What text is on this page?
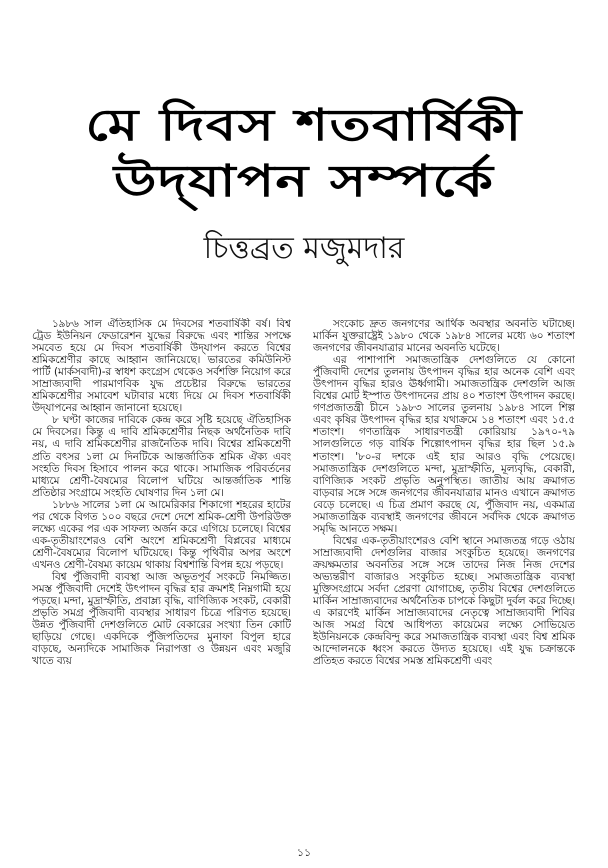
মে দিবস শতবার্ষিকী
উদ্‌যাপন সম্পর্কে
চিত্তব্রত মজুমদার

১৯৮৬ সাল ঐতিহাসিক মে দিবসের শতবার্ষিকী বর্ষ। বিশ্ব ট্রেড ইউনিয়ন ফেডারেশন যুদ্ধের বিরুদ্ধে এবং শান্তির সপক্ষে সমবেত হয়ে মে দিবস শতবার্ষিকী উদ্‌যাপন করতে বিশ্বের শ্রমিকশ্রেণীর কাছে আহ্বান জানিয়েছে। ভারতের কমিউনিস্ট পার্টি (মার্কসবাদী)-র স্বাধশ কংগ্রেস থেকেও সর্বশক্তি নিয়োগ করে সাম্রাজ্যবাদী পারমাণবিক যুদ্ধ প্রচেষ্টার বিরুদ্ধে ভারতের শ্রমিকশ্রেণীর সমাবেশ ঘটাবার মধ্যে দিয়ে মে দিবস শতবার্ষিকী উদ্‌যাপনের আহ্বান জানানো হয়েছে।

৮ ঘণ্টা কাজের দাবিকে কেন্দ্র করে সৃষ্টি হয়েছে ঐতিহাসিক মে দিবসের। কিন্তু এ দাবি শ্রমিকশ্রেণীর নিছক অর্থনৈতিক দাবি নয়, এ দাবি শ্রমিকশ্রেণীর রাজনৈতিক দাবি। বিশ্বের শ্রমিকশ্রেণী প্রতি বৎসর ১লা মে দিনটিকে আন্তর্জাতিক শ্রমিক ঐক্য এবং সংহতি দিবস হিসাবে পালন করে থাকে। সামাজিক পরিবর্তনের মাধ্যমে শ্রেণী-বৈষম্যের বিলোপ ঘটিয়ে আন্তর্জাতিক শান্তি প্রতিষ্ঠার সংগ্রামে সংহতি ঘোষণার দিন ১লা মে।

১৮৮৬ সালের ১লা মে আমেরিকার শিকাগো শহরের হাটের পর থেকে বিগত ১০০ বছরে দেশে দেশে শ্রমিক-শ্রেণী উপরিউক্ত লক্ষ্যে একের পর এক সাফল্য অর্জন করে এগিয়ে চলেছে। বিশ্বের এক-তৃতীয়াংশেরও বেশি অংশে শ্রমিকশ্রেণী বিপ্লবের মাধ্যমে শ্রেণী-বৈষম্যের বিলোপ ঘটিয়েছে। কিন্তু পৃথিবীর অপর অংশে এখনও শ্রেণী-বৈষম্য কায়েম থাকায় বিশ্বশান্তি বিপন্ন হয়ে পড়ছে।

বিশ্ব পুঁজিবাদী ব্যবস্থা আজ অভূতপূর্ব সংকটে নিমজ্জিত। সমস্ত পুঁজিবাদী দেশেই উৎপাদন বৃদ্ধির হার ক্রমশই নিম্নগামী হয়ে পড়ছে। মন্দা, মুদ্রাস্ফীতি, প্রবাম্ল্য বৃদ্ধি, বাণিজ্যিক সংকট, বেকারী প্রভৃতি সমগ্র পুঁজিবাদী ব্যবস্থার সাধারণ চিত্রে পরিণত হয়েছে। উন্নত পুঁজিবাদী দেশগুলিতে মোট বেকারের সংখ্যা তিন কোটি ছাড়িয়ে গেছে। একদিকে পুঁজিপতিদের মুনাফা বিপুল হারে বাড়ছে, অন্যদিকে সামাজিক নিরাপত্তা ও উন্নয়ন এবং মজুরি খাতে ব্যয়

সংকোচ দ্রুত জনগণের আর্থিক অবস্থার অবনতি ঘটাচ্ছে। মার্কিন যুক্তরাষ্ট্রেই ১৯৮০ থেকে ১৯৮৪ সালের মধ্যে ৬০ শতাংশ জনগণের জীবনযাত্রার মানের অবনতি ঘটেছে।

এর পাশাপাশি সমাজতান্ত্রিক দেশগুলিতে যে কোনো পুঁজিবাদী দেশের তুলনায় উৎপাদন বৃদ্ধির হার অনেক বেশি এবং উৎপাদন বৃদ্ধির হারও ঊর্ধ্বগামী। সমাজতান্ত্রিক দেশগুলি আজ বিশ্বের মোট ইস্পাত উৎপাদনের প্রায় ৪০ শতাংশ উৎপাদন করছে। গণপ্রজাতন্ত্রী চীনে ১৯৮৩ সালের তুলনায় ১৯৮৪ সালে শিল্প এবং কৃষির উৎপাদন বৃদ্ধির হার যথাক্রমে ১৪ শতাংশ এবং ১৫.৫ শতাংশ। গণতান্ত্রিক সাধারণতন্ত্রী কোরিয়ায় ১৯৭০-৭৯ সালগুলিতে গড় বার্ষিক শিল্পোৎপাদন বৃদ্ধির হার ছিল ১৫.৯ শতাংশ। '৮০-র দশকে এই হার আরও বৃদ্ধি পেয়েছে। সমাজতান্ত্রিক দেশগুলিতে মন্দা, মুদ্রাস্ফীতি, মূল্যবৃদ্ধি, বেকারী, বাণিজ্যিক সংকট প্রভৃতি অনুপস্থিত। জাতীয় আয় ক্রমাগত বাড়বার সঙ্গে সঙ্গে জনগণের জীবনযাত্রার মানও এখানে ক্রমাগত বেড়ে চলেছে। এ চিত্র প্রমাণ করছে যে, পুঁজিবাদ নয়, একমাত্র সমাজতান্ত্রিক ব্যবস্থাই জনগণের জীবনে সর্বদিক থেকে ক্রমাগত সমৃদ্ধি আনতে সক্ষম।

বিশ্বের এক-তৃতীয়াংশেরও বেশি স্থানে সমাজতন্ত্র গড়ে ওঠায় সাম্রাজ্যবাদী দেশগুলির বাজার সংকুচিত হয়েছে। জনগণের ক্রয়ক্ষমতার অবনতির সঙ্গে সঙ্গে তাদের নিজ নিজ দেশের অভ্যন্তরীণ বাজারও সংকুচিত হচ্ছে। সমাজতান্ত্রিক ব্যবস্থা মুক্তিসংগ্রামে সর্বদা প্রেরণা যোগাচ্ছে, তৃতীয় বিশ্বের দেশগুলিতে মার্কিন সাম্রাজ্যবাদের অর্থনৈতিক চাপকে কিছুটা দুর্বল করে দিচ্ছে। এ কারণেই মার্কিন সাম্রাজ্যবাদের নেতৃত্বে সাম্রাজ্যবাদী শিবির আজ সমগ্র বিশ্বে আধিপত্য কায়েমের লক্ষ্যে সোভিয়েত ইউনিয়নকে কেন্দ্রবিন্দু করে সমাজতান্ত্রিক ব্যবস্থা এবং বিশ্ব শ্রমিক আন্দোলনকে ধ্বংস করতে উদ্যত হয়েছে। এই যুদ্ধ চক্রান্তকে প্রতিহত করতে বিশ্বের সমস্ত শ্রমিকশ্রেণী এবং

১১
